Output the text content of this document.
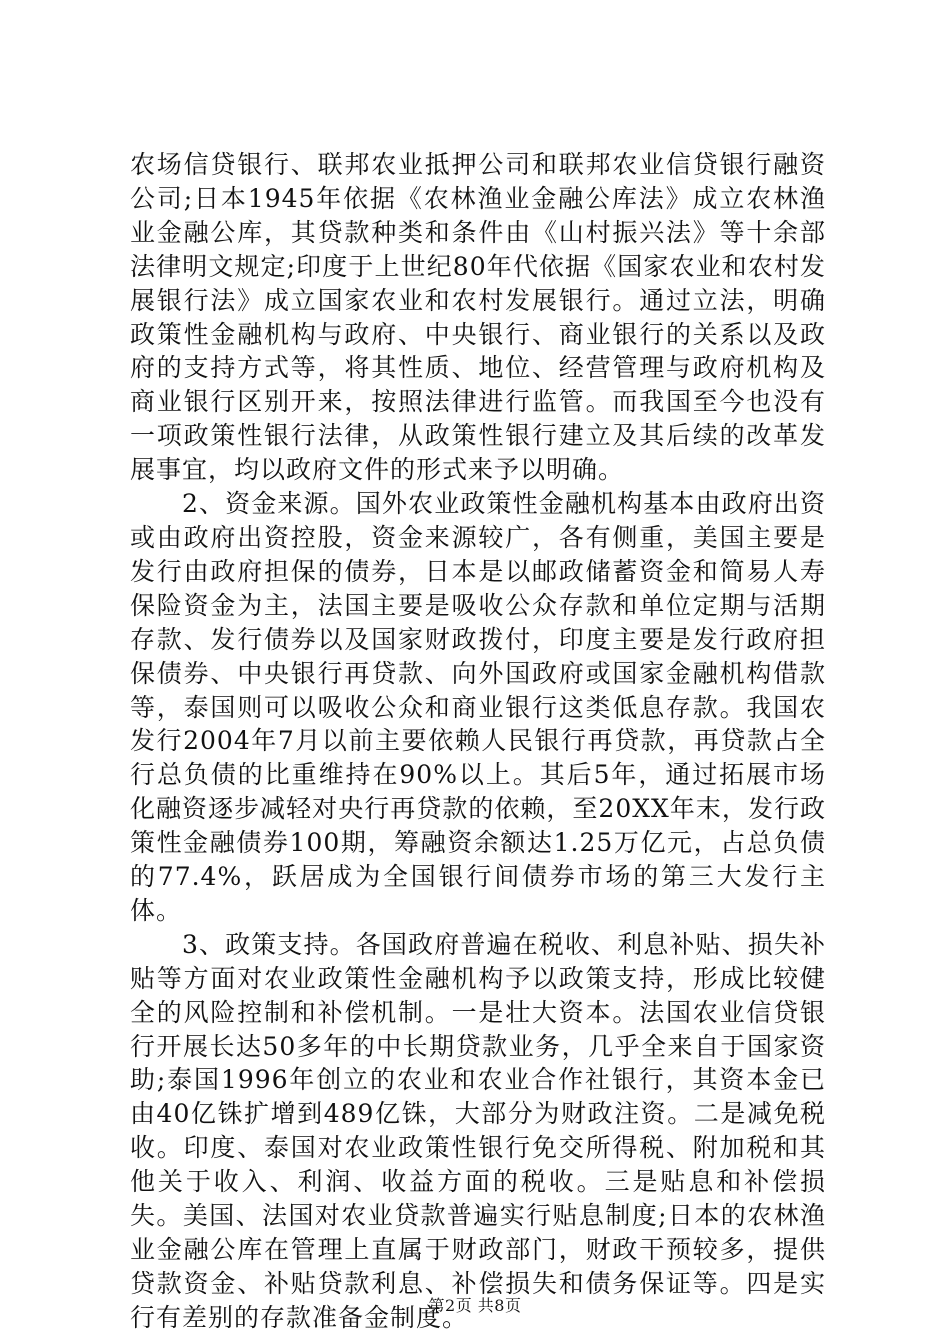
农场信贷银行、联邦农业抵押公司和联邦农业信贷银行融资公司;日本1945年依据《农林渔业金融公库法》成立农林渔业金融公库，其贷款种类和条件由《山村振兴法》等十余部法律明文规定;印度于上世纪80年代依据《国家农业和农村发展银行法》成立国家农业和农村发展银行。通过立法，明确政策性金融机构与政府、中央银行、商业银行的关系以及政府的支持方式等，将其性质、地位、经营管理与政府机构及商业银行区别开来，按照法律进行监管。而我国至今也没有一项政策性银行法律，从政策性银行建立及其后续的改革发展事宜，均以政府文件的形式来予以明确。

2、资金来源。国外农业政策性金融机构基本由政府出资或由政府出资控股，资金来源较广，各有侧重，美国主要是发行由政府担保的债券，日本是以邮政储蓄资金和简易人寿保险资金为主，法国主要是吸收公众存款和单位定期与活期存款、发行债券以及国家财政拨付，印度主要是发行政府担保债券、中央银行再贷款、向外国政府或国家金融机构借款等，泰国则可以吸收公众和商业银行这类低息存款。我国农发行2004年7月以前主要依赖人民银行再贷款，再贷款占全行总负债的比重维持在90%以上。其后5年，通过拓展市场化融资逐步减轻对央行再贷款的依赖，至20XX年末，发行政策性金融债券100期，筹融资余额达1.25万亿元，占总负债的77.4%，跃居成为全国银行间债券市场的第三大发行主体。

3、政策支持。各国政府普遍在税收、利息补贴、损失补贴等方面对农业政策性金融机构予以政策支持，形成比较健全的风险控制和补偿机制。一是壮大资本。法国农业信贷银行开展长达50多年的中长期贷款业务，几乎全来自于国家资助;泰国1996年创立的农业和农业合作社银行，其资本金已由40亿铢扩增到489亿铢，大部分为财政注资。二是减免税收。印度、泰国对农业政策性银行免交所得税、附加税和其他关于收入、利润、收益方面的税收。三是贴息和补偿损失。美国、法国对农业贷款普遍实行贴息制度;日本的农林渔业金融公库在管理上直属于财政部门，财政干预较多，提供贷款资金、补贴贷款利息、补偿损失和债务保证等。四是实行有差别的存款准备金制度。

第2页 共8页
